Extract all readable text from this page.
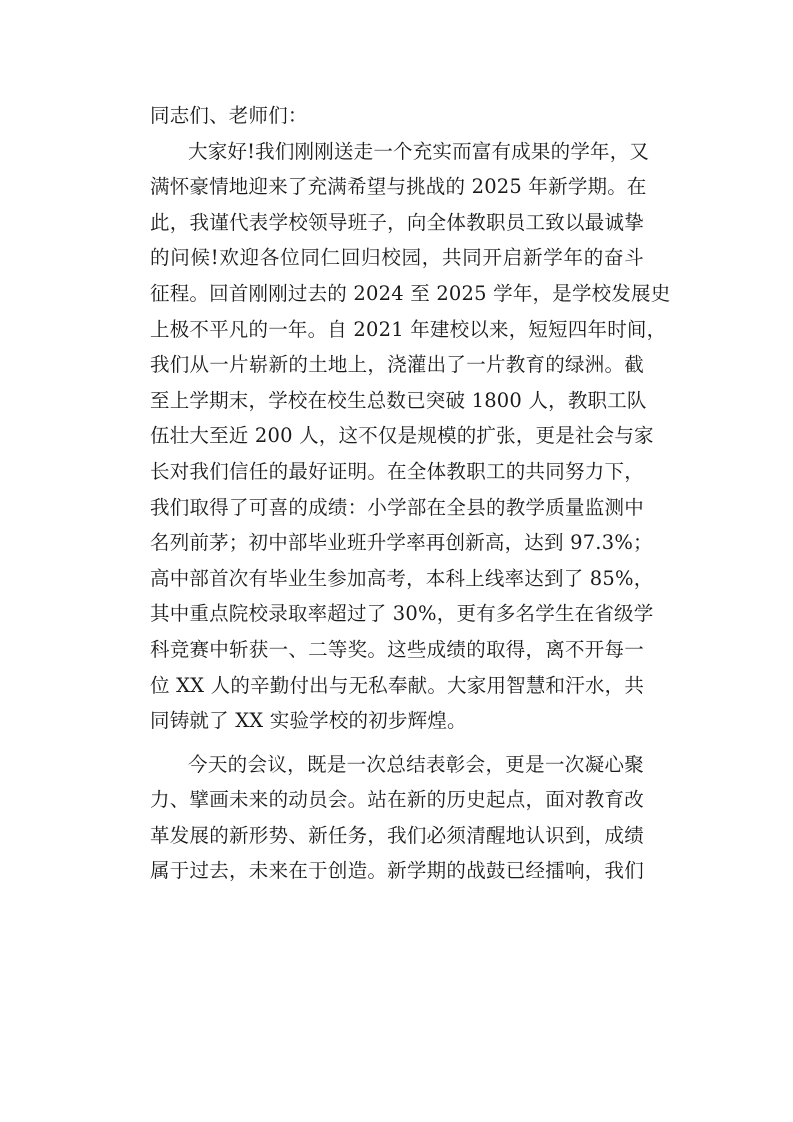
同志们、老师们：
大家好!我们刚刚送走一个充实而富有成果的学年，又
满怀豪情地迎来了充满希望与挑战的 2025 年新学期。在
此，我谨代表学校领导班子，向全体教职员工致以最诚挚
的问候!欢迎各位同仁回归校园，共同开启新学年的奋斗
征程。回首刚刚过去的 2024 至 2025 学年，是学校发展史
上极不平凡的一年。自 2021 年建校以来，短短四年时间，
我们从一片崭新的土地上，浇灌出了一片教育的绿洲。截
至上学期末，学校在校生总数已突破 1800 人，教职工队
伍壮大至近 200 人，这不仅是规模的扩张，更是社会与家
长对我们信任的最好证明。在全体教职工的共同努力下，
我们取得了可喜的成绩：小学部在全县的教学质量监测中
名列前茅；初中部毕业班升学率再创新高，达到 97.3%；
高中部首次有毕业生参加高考，本科上线率达到了 85%，
其中重点院校录取率超过了 30%，更有多名学生在省级学
科竞赛中斩获一、二等奖。这些成绩的取得，离不开每一
位 XX 人的辛勤付出与无私奉献。大家用智慧和汗水，共
同铸就了 XX 实验学校的初步辉煌。
今天的会议，既是一次总结表彰会，更是一次凝心聚
力、擘画未来的动员会。站在新的历史起点，面对教育改
革发展的新形势、新任务，我们必须清醒地认识到，成绩
属于过去，未来在于创造。新学期的战鼓已经擂响，我们
